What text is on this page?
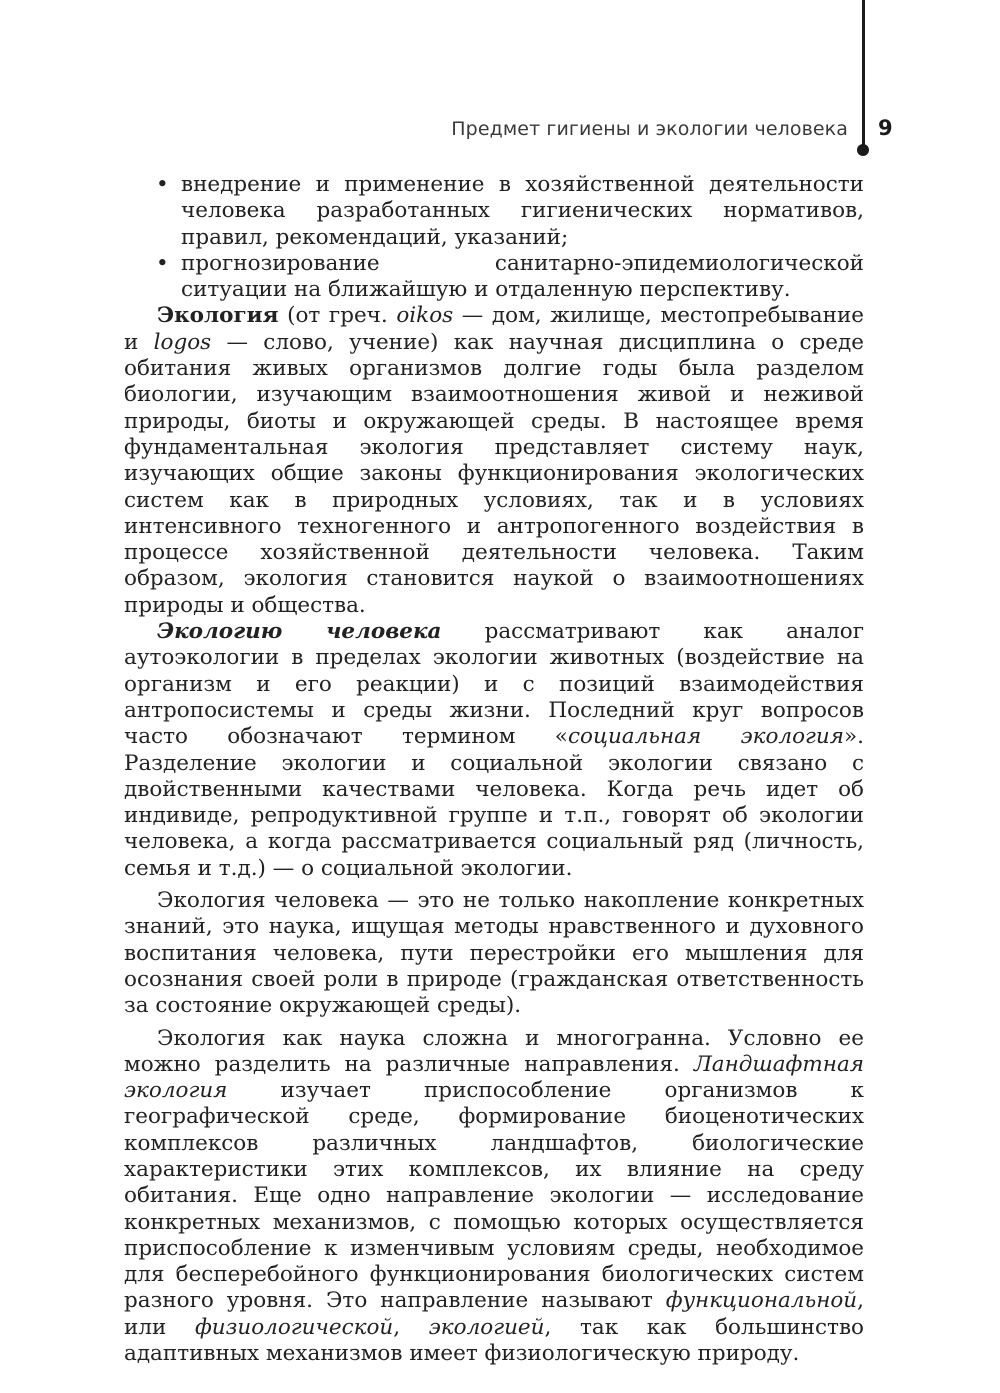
Предмет гигиены и экологии человека 9
•
внедрение и применение в хозяйственной деятельности человека разработанных гигиенических нормативов, правил, рекомендаций, указаний;
•
прогнозирование санитарно-эпидемиологической ситуации на ближайшую и отдаленную перспективу.

Экология (от греч. oikos — дом, жилище, местопребывание и logos — слово, учение) как научная дисциплина о среде обитания живых организмов долгие годы была разделом биологии, изучающим взаимоотношения живой и неживой природы, биоты и окружающей среды. В настоящее время фундаментальная экология представляет систему наук, изучающих общие законы функционирования экологических систем как в природных условиях, так и в условиях интенсивного техногенного и антропогенного воздействия в процессе хозяйственной деятельности человека. Таким образом, экология становится наукой о взаимоотношениях природы и общества.

Экологию человека рассматривают как аналог аутоэкологии в пределах экологии животных (воздействие на организм и его реакции) и с позиций взаимодействия антропосистемы и среды жизни. Последний круг вопросов часто обозначают термином «социальная экология». Разделение экологии и социальной экологии связано с двойственными качествами человека. Когда речь идет об индивиде, репродуктивной группе и т.п., говорят об экологии человека, а когда рассматривается социальный ряд (личность, семья и т.д.) — о социальной экологии.

Экология человека — это не только накопление конкретных знаний, это наука, ищущая методы нравственного и духовного воспитания человека, пути перестройки его мышления для осознания своей роли в природе (гражданская ответственность за состояние окружающей среды).

Экология как наука сложна и многогранна. Условно ее можно разделить на различные направления. Ландшафтная экология изучает приспособление организмов к географической среде, формирование биоценотических комплексов различных ландшафтов, биологические характеристики этих комплексов, их влияние на среду обитания. Еще одно направление экологии — исследование конкретных механизмов, с помощью которых осуществляется приспособление к изменчивым условиям среды, необходимое для бесперебойного функционирования биологических систем разного уровня. Это направление называют функциональной, или физиологической, экологией, так как большинство адаптивных механизмов имеет физиологическую природу.
